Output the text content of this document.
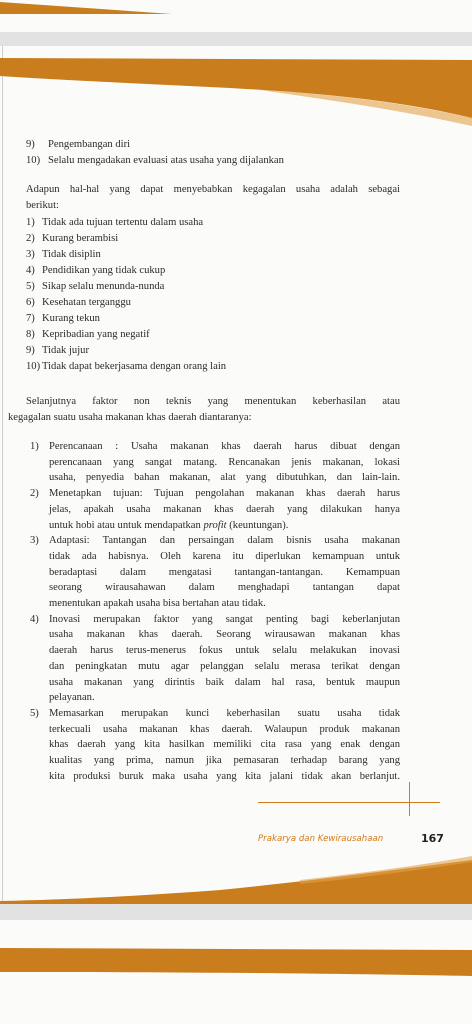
9) Pengembangan diri
10) Selalu mengadakan evaluasi atas usaha yang dijalankan
Adapun hal-hal yang dapat menyebabkan kegagalan usaha adalah sebagai
berikut:
1) Tidak ada tujuan tertentu dalam usaha
2) Kurang berambisi
3) Tidak disiplin
4) Pendidikan yang tidak cukup
5) Sikap selalu menunda-nunda
6) Kesehatan terganggu
7) Kurang tekun
8) Kepribadian yang negatif
9) Tidak jujur
10) Tidak dapat bekerjasama dengan orang lain
Selanjutnya faktor non teknis yang menentukan keberhasilan atau
kegagalan suatu usaha makanan khas daerah diantaranya:
1) Perencanaan : Usaha makanan khas daerah harus dibuat dengan
perencanaan yang sangat matang. Rencanakan jenis makanan, lokasi
usaha, penyedia bahan makanan, alat yang dibutuhkan, dan lain-lain.
2) Menetapkan tujuan: Tujuan pengolahan makanan khas daerah harus
jelas, apakah usaha makanan khas daerah yang dilakukan hanya
untuk hobi atau untuk mendapatkan profit (keuntungan).
3) Adaptasi: Tantangan dan persaingan dalam bisnis usaha makanan
tidak ada habisnya. Oleh karena itu diperlukan kemampuan untuk
beradaptasi dalam mengatasi tantangan-tantangan. Kemampuan
seorang wirausahawan dalam menghadapi tantangan dapat
menentukan apakah usaha bisa bertahan atau tidak.
4) Inovasi merupakan faktor yang sangat penting bagi keberlanjutan
usaha makanan khas daerah. Seorang wirausawan makanan khas
daerah harus terus-menerus fokus untuk selalu melakukan inovasi
dan peningkatan mutu agar pelanggan selalu merasa terikat dengan
usaha makanan yang dirintis baik dalam hal rasa, bentuk maupun
pelayanan.
5) Memasarkan merupakan kunci keberhasilan suatu usaha tidak
terkecuali usaha makanan khas daerah. Walaupun produk makanan
khas daerah yang kita hasilkan memiliki cita rasa yang enak dengan
kualitas yang prima, namun jika pemasaran terhadap barang yang
kita produksi buruk maka usaha yang kita jalani tidak akan berlanjut.
Prakarya dan Kewirausahaan	167
